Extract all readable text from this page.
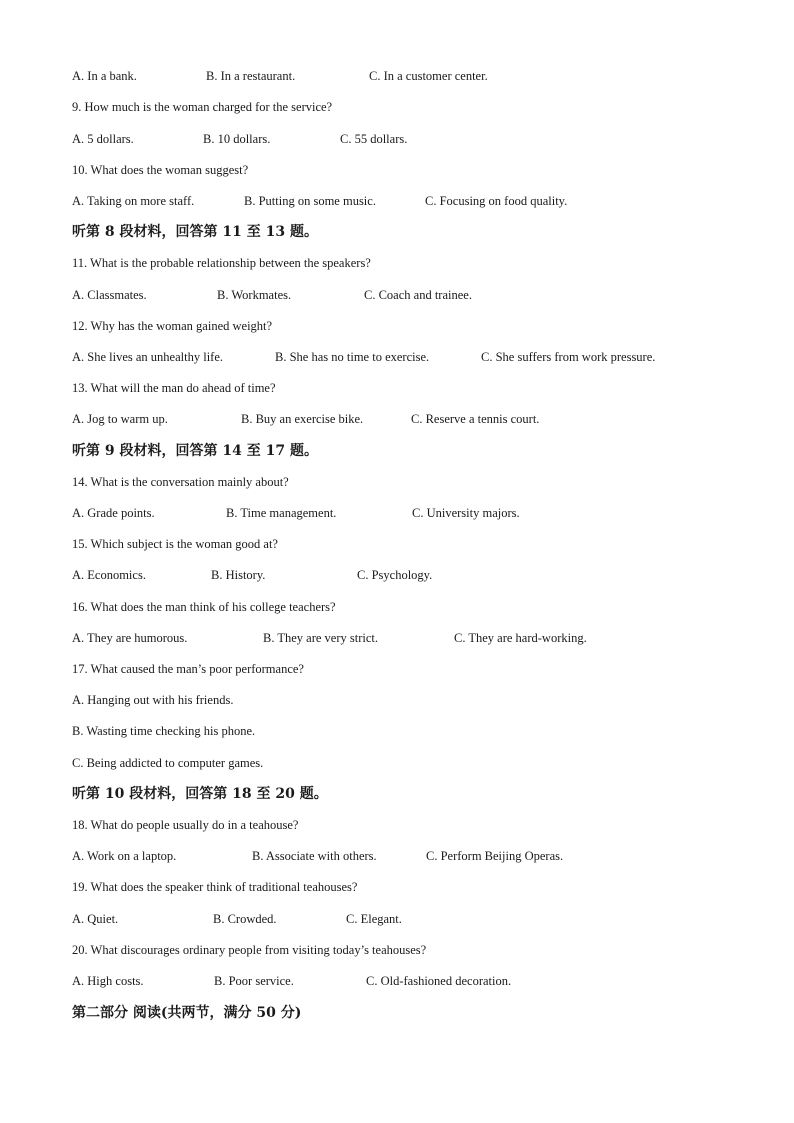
A. In a bank.	B. In a restaurant.	C. In a customer center.
9. How much is the woman charged for the service?
A. 5 dollars.	B. 10 dollars.	C. 55 dollars.
10. What does the woman suggest?
A. Taking on more staff.	B. Putting on some music.	C. Focusing on food quality.
听第 8 段材料，回答第 11 至 13 题。
11. What is the probable relationship between the speakers?
A. Classmates.	B. Workmates.	C. Coach and trainee.
12. Why has the woman gained weight?
A. She lives an unhealthy life.	B. She has no time to exercise.	C. She suffers from work pressure.
13. What will the man do ahead of time?
A. Jog to warm up.	B. Buy an exercise bike.	C. Reserve a tennis court.
听第 9 段材料，回答第 14 至 17 题。
14. What is the conversation mainly about?
A. Grade points.	B. Time management.	C. University majors.
15. Which subject is the woman good at?
A. Economics.	B. History.	C. Psychology.
16. What does the man think of his college teachers?
A. They are humorous.	B. They are very strict.	C. They are hard-working.
17. What caused the man’s poor performance?
A. Hanging out with his friends.
B. Wasting time checking his phone.
C. Being addicted to computer games.
听第 10 段材料，回答第 18 至 20 题。
18. What do people usually do in a teahouse?
A. Work on a laptop.	B. Associate with others.	C. Perform Beijing Operas.
19. What does the speaker think of traditional teahouses?
A. Quiet.	B. Crowded.	C. Elegant.
20. What discourages ordinary people from visiting today’s teahouses?
A. High costs.	B. Poor service.	C. Old-fashioned decoration.
第二部分 阅读(共两节，满分 50 分)
